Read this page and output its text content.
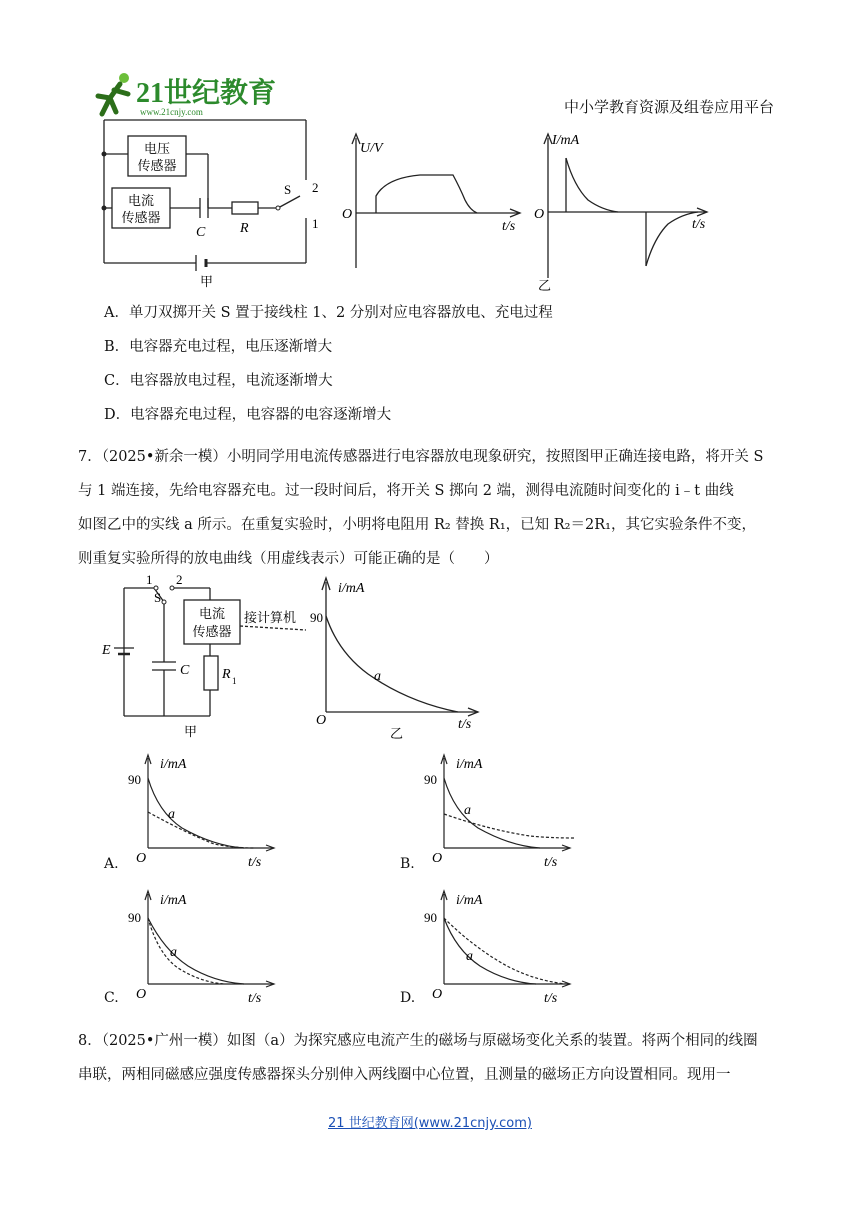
21世纪教育
www.21cnjy.com	中小学教育资源及组卷应用平台
电压
传感器
电流
传感器
C R
S 2
1
甲
U/V
O
t/s
I/mA
O
t/s
乙
A．单刀双掷开关 S 置于接线柱 1、2 分别对应电容器放电、充电过程
B．电容器充电过程，电压逐渐增大
C．电容器放电过程，电流逐渐增大
D．电容器充电过程，电容器的电容逐渐增大

7．（2025•新余一模）小明同学用电流传感器进行电容器放电现象研究，按照图甲正确连接电路，将开关 S

与 1 端连接，先给电容器充电。过一段时间后，将开关 S 掷向 2 端，测得电流随时间变化的 i﹣t 曲线

如图乙中的实线 a 所示。在重复实验时，小明将电阻用 R₂ 替换 R₁，已知 R₂＝2R₁，其它实验条件不变，

则重复实验所得的放电曲线（用虚线表示）可能正确的是（　　）

1 2
S
E
C R 1
电流
传感器
接计算机
甲
i/mA
90
a
O	t/s
乙
A.
i/mA
90
a
O	t/s	B.
i/mA
90
a
O	t/s
C.
i/mA
90
a
O	t/s	D.
i/mA
90
a
O	t/s

8．（2025•广州一模）如图（a）为探究感应电流产生的磁场与原磁场变化关系的装置。将两个相同的线圈

串联，两相同磁感应强度传感器探头分别伸入两线圈中心位置，且测量的磁场正方向设置相同。现用一

21 世纪教育网(www.21cnjy.com)
